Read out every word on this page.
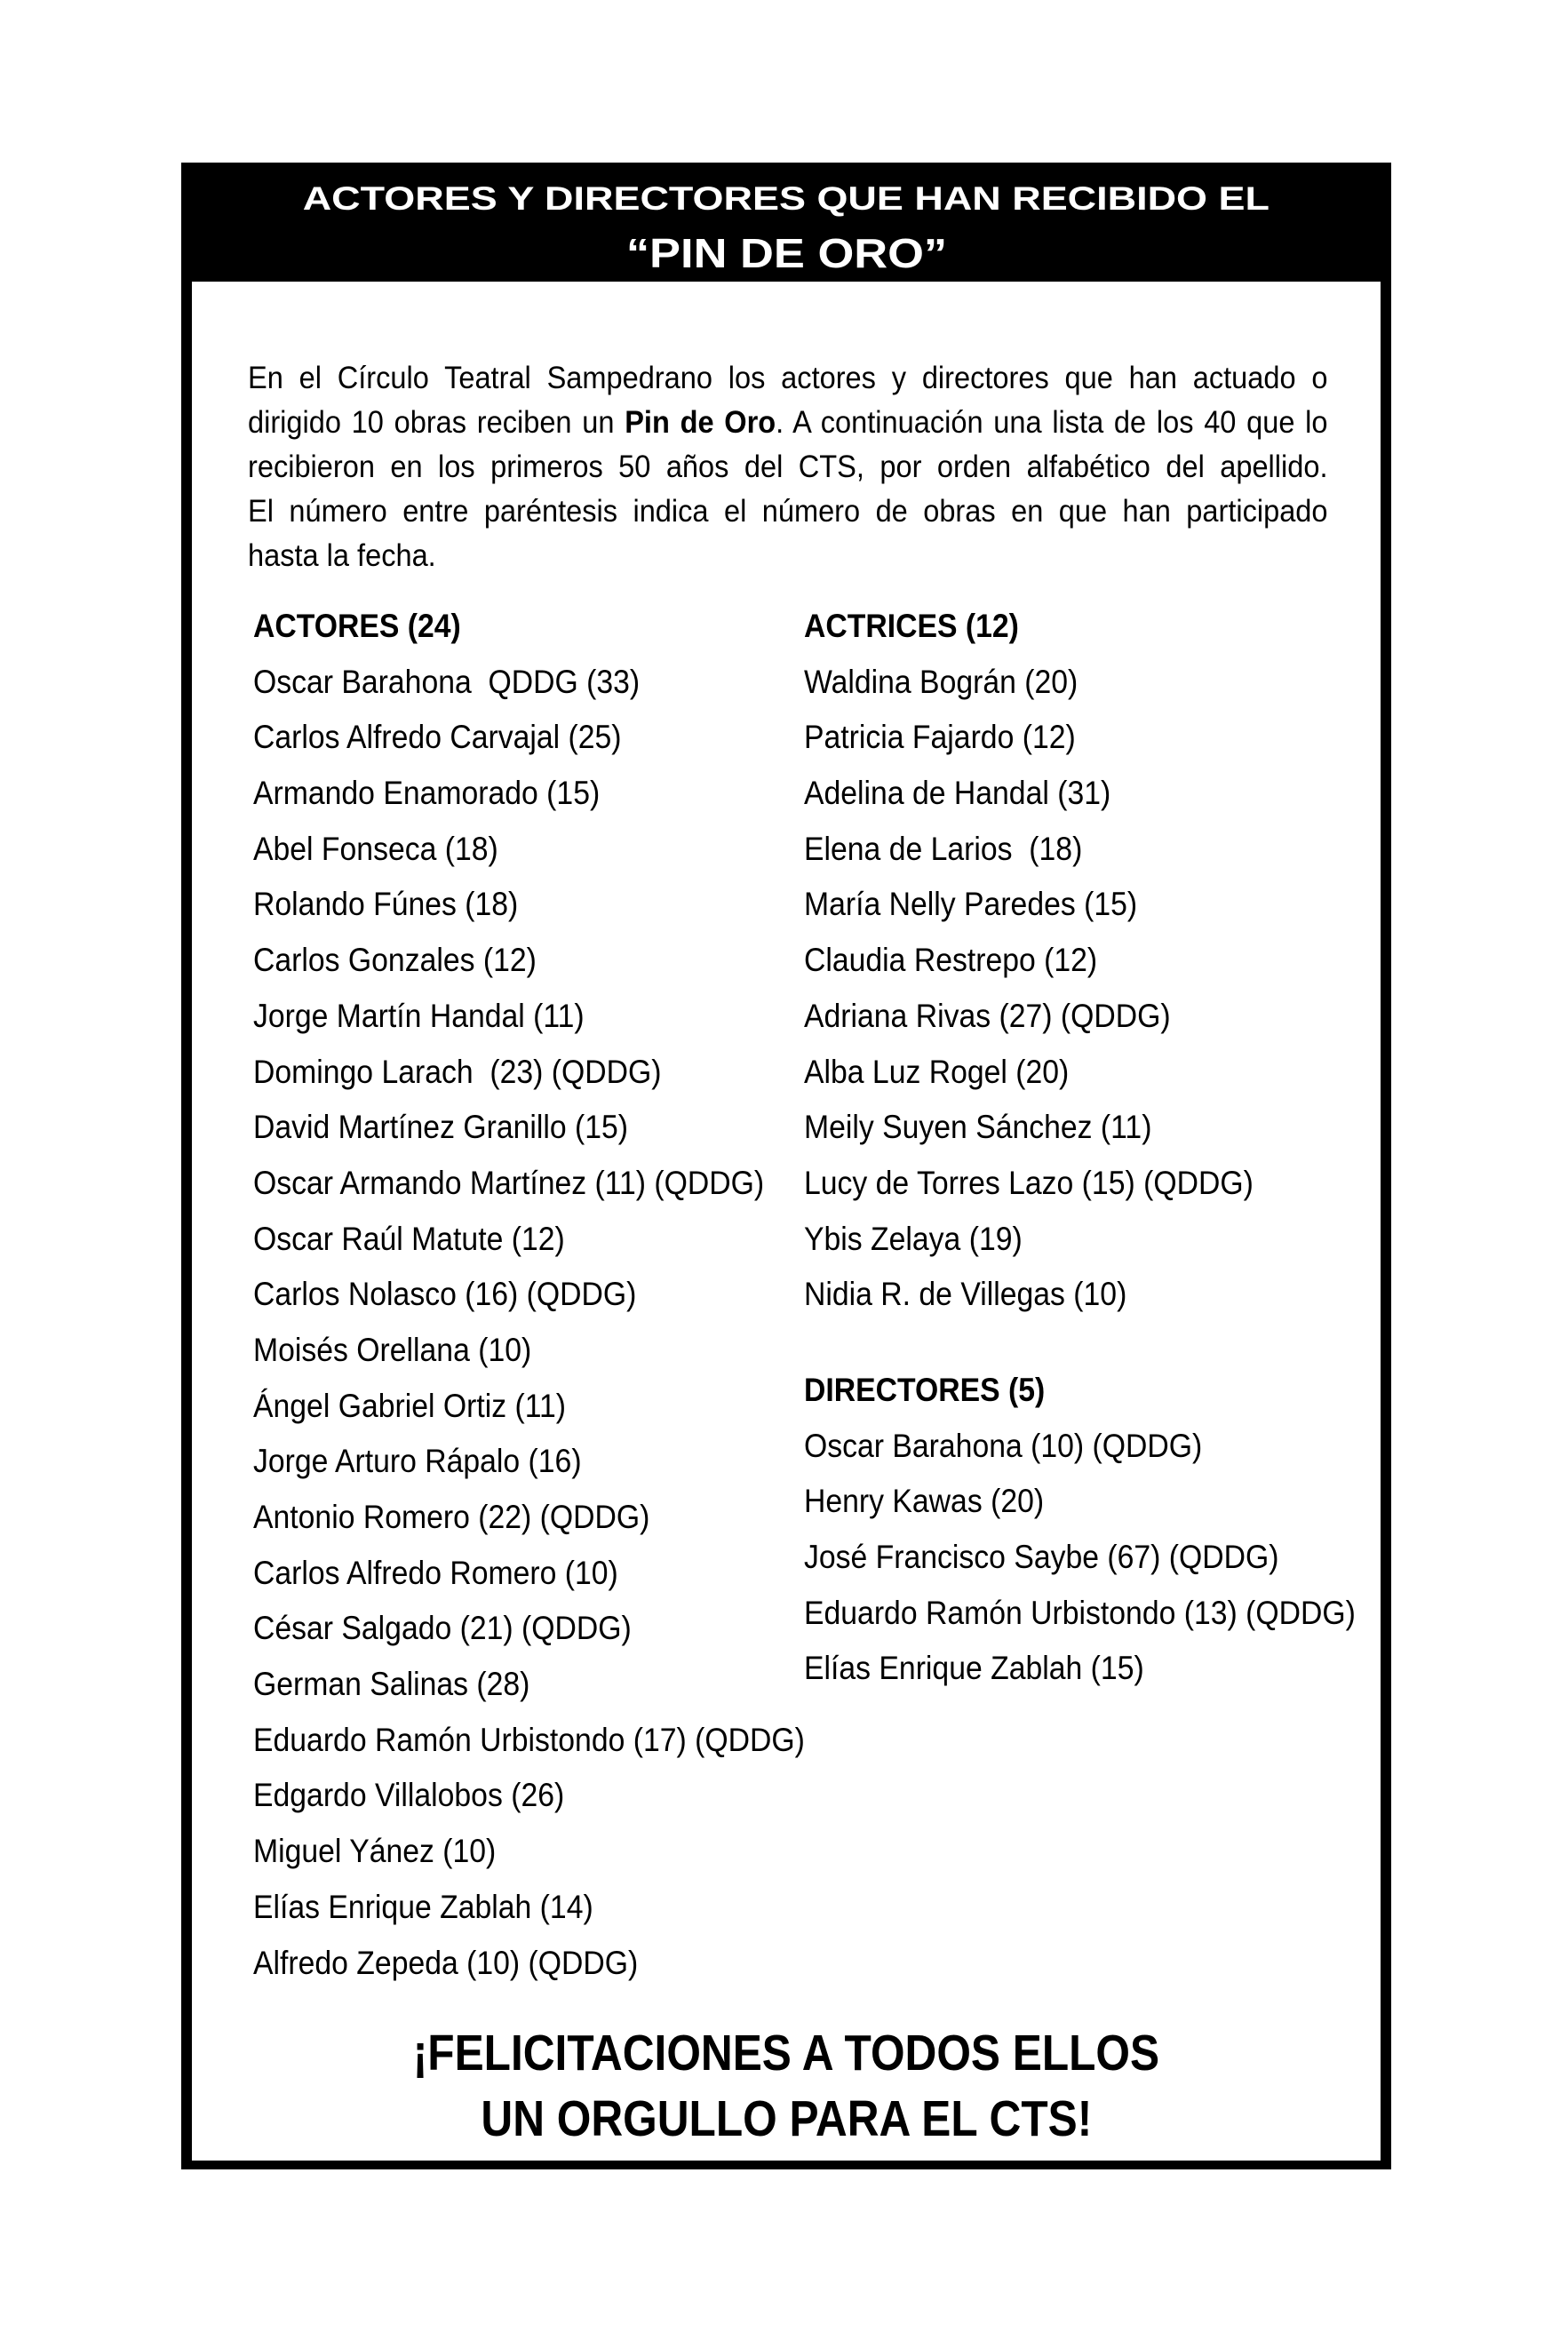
ACTORES Y DIRECTORES QUE HAN RECIBIDO EL
“PIN DE ORO”
En el Círculo Teatral Sampedrano los actores y directores que han actuado o
dirigido 10 obras reciben un Pin de Oro. A continuación una lista de los 40 que lo
recibieron en los primeros 50 años del CTS, por orden alfabético del apellido.
El número entre paréntesis indica el número de obras en que han participado
hasta la fecha.
ACTORES (24)
Oscar Barahona  QDDG (33)
Carlos Alfredo Carvajal (25)
Armando Enamorado (15)
Abel Fonseca (18)
Rolando Fúnes (18)
Carlos Gonzales (12)
Jorge Martín Handal (11)
Domingo Larach  (23) (QDDG)
David Martínez Granillo (15)
Oscar Armando Martínez (11) (QDDG)
Oscar Raúl Matute (12)
Carlos Nolasco (16) (QDDG)
Moisés Orellana (10)
Ángel Gabriel Ortiz (11)
Jorge Arturo Rápalo (16)
Antonio Romero (22) (QDDG)
Carlos Alfredo Romero (10)
César Salgado (21) (QDDG)
German Salinas (28)
Eduardo Ramón Urbistondo (17) (QDDG)
Edgardo Villalobos (26)
Miguel Yánez (10)
Elías Enrique Zablah (14)
Alfredo Zepeda (10) (QDDG)
ACTRICES (12)
Waldina Bográn (20)
Patricia Fajardo (12)
Adelina de Handal (31)
Elena de Larios  (18)
María Nelly Paredes (15)
Claudia Restrepo (12)
Adriana Rivas (27) (QDDG)
Alba Luz Rogel (20)
Meily Suyen Sánchez (11)
Lucy de Torres Lazo (15) (QDDG)
Ybis Zelaya (19)
Nidia R. de Villegas (10)
DIRECTORES (5)
Oscar Barahona (10) (QDDG)
Henry Kawas (20)
José Francisco Saybe (67) (QDDG)
Eduardo Ramón Urbistondo (13) (QDDG)
Elías Enrique Zablah (15)
¡FELICITACIONES A TODOS ELLOS
UN ORGULLO PARA EL CTS!
